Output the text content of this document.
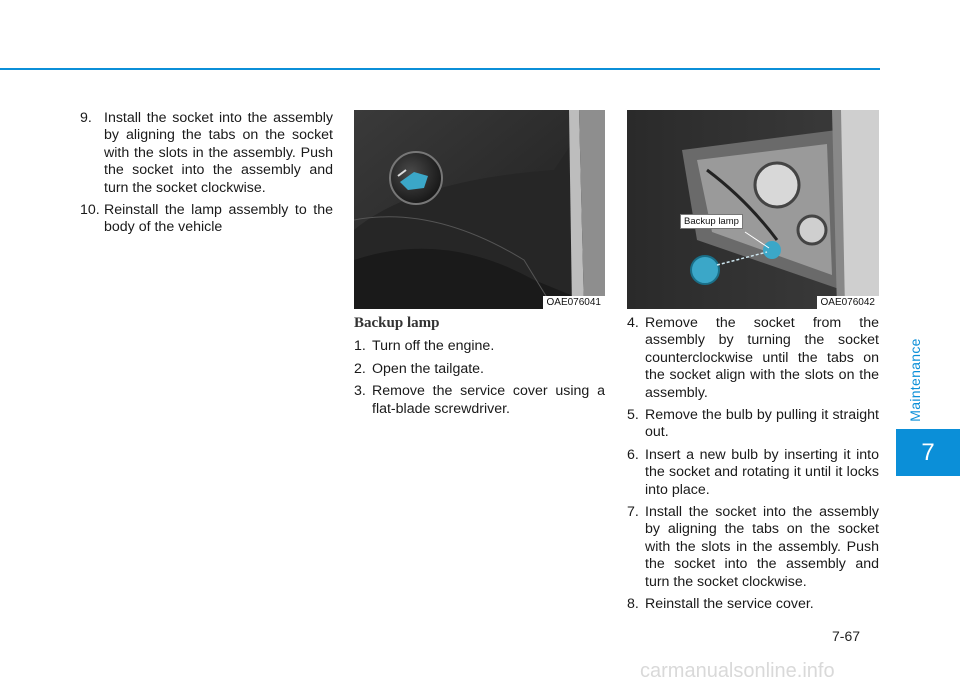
Maintenance
7
9. Install the socket into the assembly by aligning the tabs on the socket with the slots in the assembly. Push the socket into the assembly and turn the socket clockwise.
10. Reinstall the lamp assembly to the body of the vehicle
OAE076041	OAE076042
Backup lamp
Backup lamp
1. Turn off the engine.
2. Open the tailgate.
3. Remove the service cover using a flat-blade screwdriver.
4. Remove the socket from the assembly by turning the socket counterclockwise until the tabs on the socket align with the slots on the assembly.
5. Remove the bulb by pulling it straight out.
6. Insert a new bulb by inserting it into the socket and rotating it until it locks into place.
7. Install the socket into the assembly by aligning the tabs on the socket with the slots in the assembly. Push the socket into the assembly and turn the socket clockwise.
8. Reinstall the service cover.
7-67
carmanualsonline.info
